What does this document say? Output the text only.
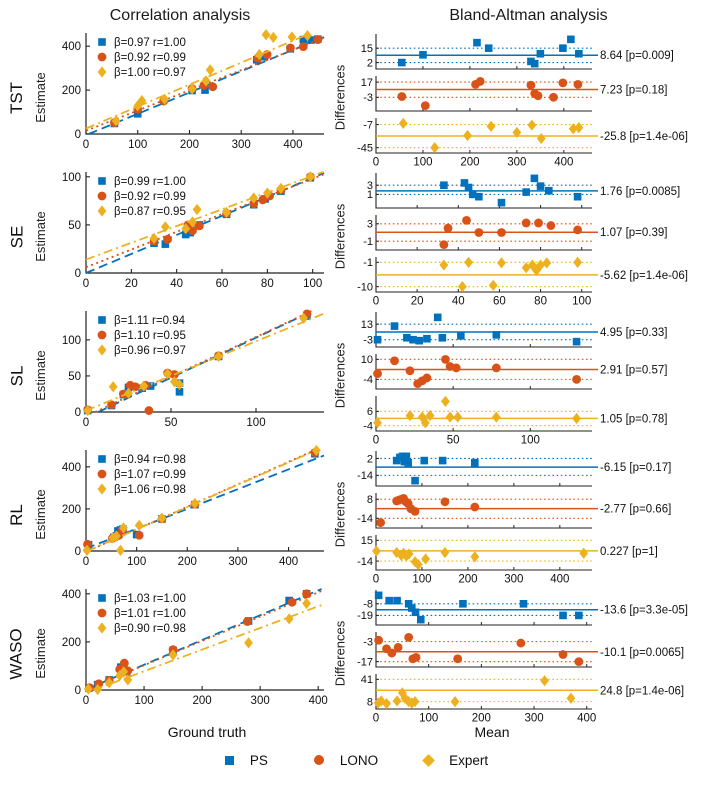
Correlation analysis	Bland-Altman analysis
TST Estimate
0	100	200	300	400
0
200
400	β=0.97 r=1.00
β=0.92 r=0.99
β=1.00 r=0.97	Differences
15
2
8.64 [p=0.009]
17
-3
7.23 [p=0.18]
0	100 200 300 400
-7
-45
-25.8 [p=1.4e-06]
SE Estimate
0	20	40	60	80	100
0
50
100	β=0.99 r=1.00
β=0.92 r=0.99
β=0.87 r=0.95	Differences
3
1	1.76 [p=0.0085]
3
-1
1.07 [p=0.39]
0	20 40 60 80 100
-1
-10
-5.62 [p=1.4e-06]
SL Estimate
0	50	100
0
50
100
β=1.11 r=0.94
β=1.10 r=0.95
β=0.96 r=0.97	Differences
13
-3
4.95 [p=0.33]
10
-4
2.91 [p=0.57]
0	50	100
6
-4
1.05 [p=0.78]
RL Estimate
0	100	200	300	400
0
200
400
β=0.94 r=0.98
β=1.07 r=0.99
β=1.06 r=0.98	Differences
2
-14
-6.15 [p=0.17]
8
-14
-2.77 [p=0.66]
0	100 200 300 400
15
-14
0.227 [p=1]
WASO Estimate
0	100	200	300	400
0
200
400	β=1.03 r=1.00
β=1.01 r=1.00
β=0.90 r=0.98	Differences
-8
-19	-13.6 [p=3.3e-05]
-3
-17
-10.1 [p=0.0065]
0	100	200	300	400
41
8
24.8 [p=1.4e-06]
Ground truth	Mean
PS	LONO	Expert
